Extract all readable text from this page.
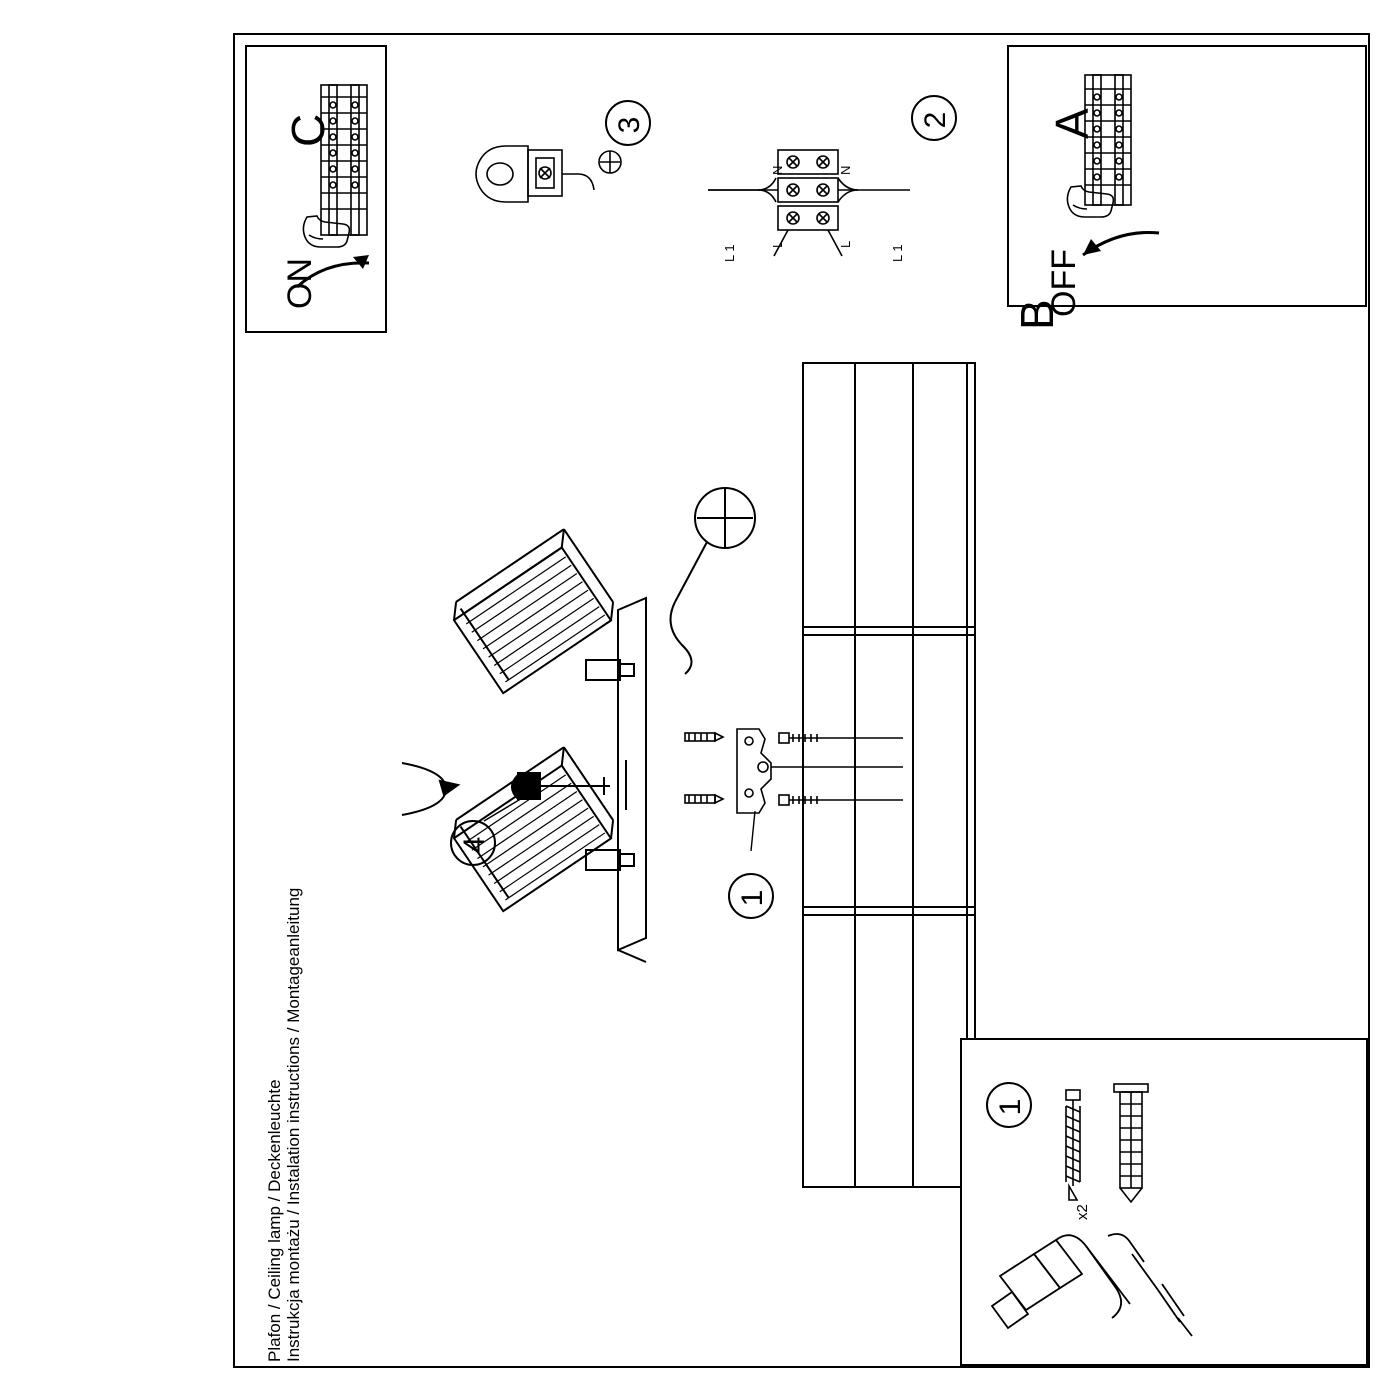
C
ON
A
OFF
2
N	N
L	L
L 1	L 1
3
B
4
1
1
x2
Instrukcja montażu / Instalation instructions / Montageanleitung
Plafon / Ceiling lamp / Deckenleuchte
